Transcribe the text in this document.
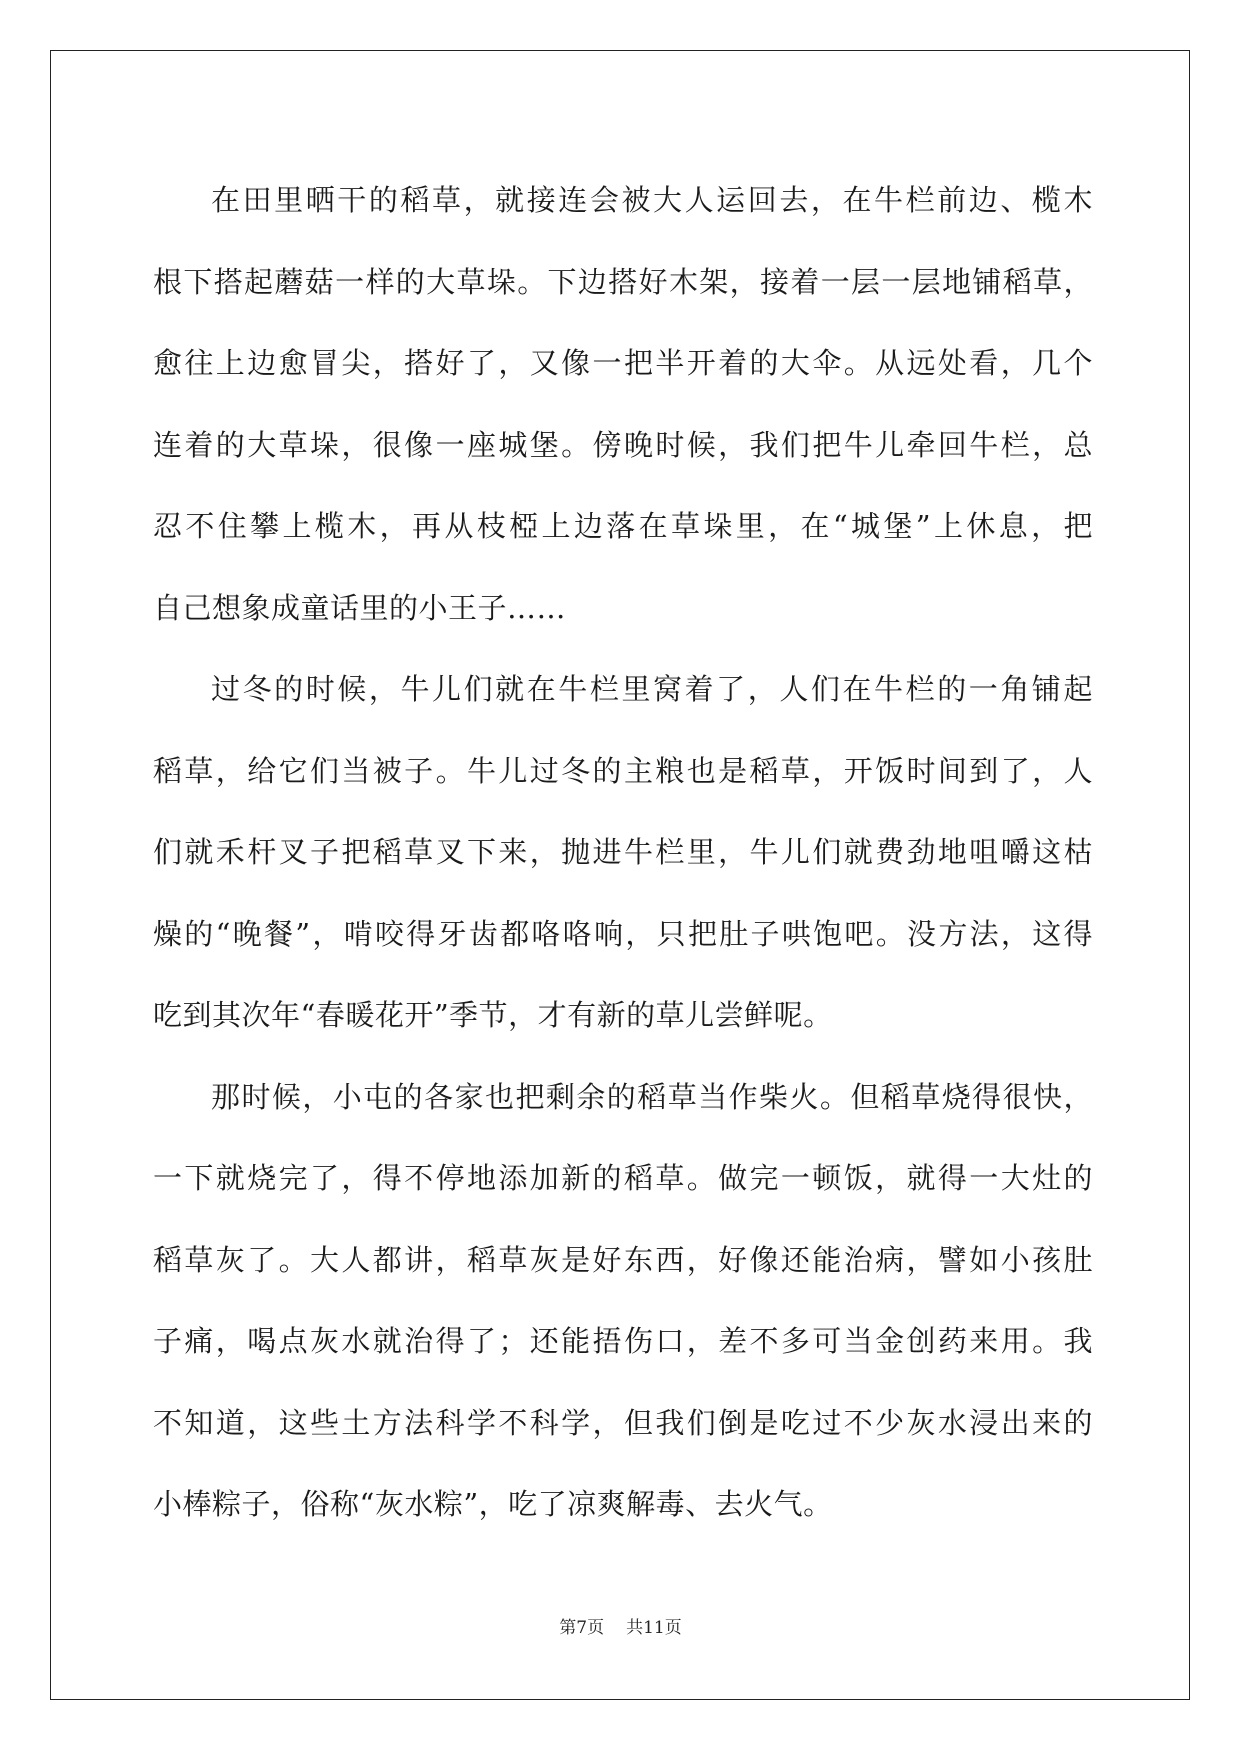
在田里晒干的稻草，就接连会被大人运回去，在牛栏前边、榄木
根下搭起蘑菇一样的大草垛。下边搭好木架，接着一层一层地铺稻草，
愈往上边愈冒尖，搭好了，又像一把半开着的大伞。从远处看，几个
连着的大草垛，很像一座城堡。傍晚时候，我们把牛儿牵回牛栏，总
忍不住攀上榄木，再从枝椏上边落在草垛里，在“城堡”上休息，把
自己想象成童话里的小王子……
过冬的时候，牛儿们就在牛栏里窝着了，人们在牛栏的一角铺起
稻草，给它们当被子。牛儿过冬的主粮也是稻草，开饭时间到了，人
们就禾杆叉子把稻草叉下来，抛进牛栏里，牛儿们就费劲地咀嚼这枯
燥的“晚餐”，啃咬得牙齿都咯咯响，只把肚子哄饱吧。没方法，这得
吃到其次年“春暖花开”季节，才有新的草儿尝鲜呢。
那时候，小屯的各家也把剩余的稻草当作柴火。但稻草烧得很快，
一下就烧完了，得不停地添加新的稻草。做完一顿饭，就得一大灶的
稻草灰了。大人都讲，稻草灰是好东西，好像还能治病，譬如小孩肚
子痛，喝点灰水就治得了；还能捂伤口，差不多可当金创药来用。我
不知道，这些土方法科学不科学，但我们倒是吃过不少灰水浸出来的
小棒粽子，俗称“灰水粽”，吃了凉爽解毒、去火气。
第7页 共11页
